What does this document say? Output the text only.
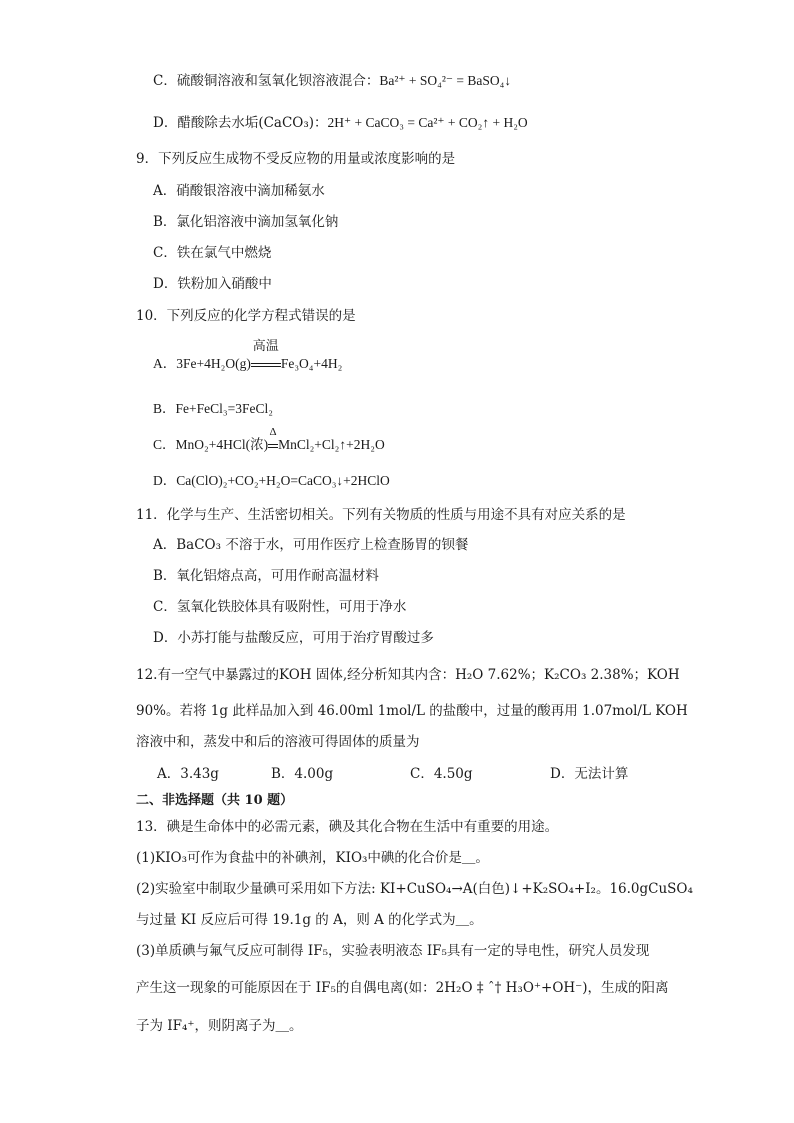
C．硫酸铜溶液和氢氧化钡溶液混合：Ba²⁺ + SO₄²⁻ = BaSO₄↓
D．醋酸除去水垢(CaCO₃)：2H⁺ + CaCO₃ = Ca²⁺ + CO₂↑ + H₂O
9．下列反应生成物不受反应物的用量或浓度影响的是
A．硝酸银溶液中滴加稀氨水
B．氯化铝溶液中滴加氢氧化钠
C．铁在氯气中燃烧
D．铁粉加入硝酸中
10．下列反应的化学方程式错误的是
A．3Fe+4H₂O(g)
高温
Fe₃O₄+4H₂
B．Fe+FeCl₃=3FeCl₂
C．MnO₂+4HCl(浓)
Δ
MnCl₂+Cl₂↑+2H₂O
D．Ca(ClO)₂+CO₂+H₂O=CaCO₃↓+2HClO
11．化学与生产、生活密切相关。下列有关物质的性质与用途不具有对应关系的是
A．BaCO₃ 不溶于水，可用作医疗上检查肠胃的钡餐
B．氧化铝熔点高，可用作耐高温材料
C．氢氧化铁胶体具有吸附性，可用于净水
D．小苏打能与盐酸反应，可用于治疗胃酸过多
12.有一空气中暴露过的KOH 固体,经分析知其内含：H₂O 7.62%；K₂CO₃ 2.38%；KOH
90%。若将 1g 此样品加入到 46.00ml 1mol/L 的盐酸中，过量的酸再用 1.07mol/L KOH
溶液中和，蒸发中和后的溶液可得固体的质量为
A．3.43g	B．4.00g	C．4.50g	D．无法计算
二、非选择题（共 10 题）
13．碘是生命体中的必需元素，碘及其化合物在生活中有重要的用途。
(1)KIO₃可作为食盐中的补碘剂，KIO₃中碘的化合价是＿。
(2)实验室中制取少量碘可采用如下方法: KI+CuSO₄→A(白色)↓+K₂SO₄+I₂。16.0gCuSO₄
与过量 KI 反应后可得 19.1g 的 A，则 A 的化学式为＿。
(3)单质碘与氟气反应可制得 IF₅，实验表明液态 IF₅具有一定的导电性，研究人员发现
产生这一现象的可能原因在于 IF₅的自偶电离(如：2H₂O ‡ ˆ† H₃O⁺+OH⁻)，生成的阳离
子为 IF₄⁺，则阴离子为＿。
